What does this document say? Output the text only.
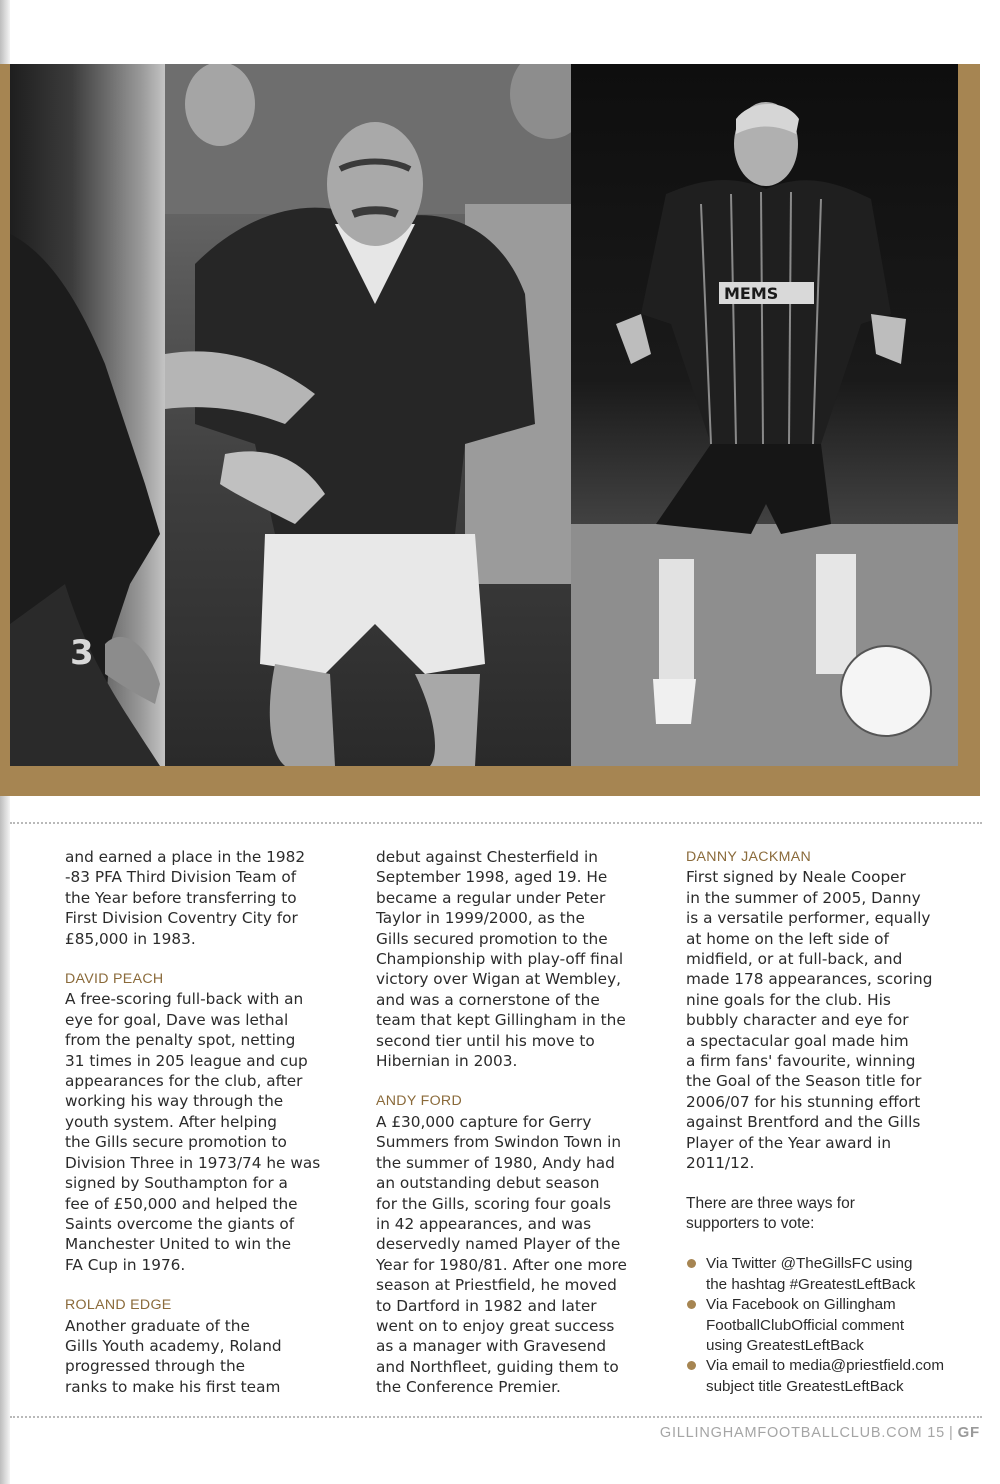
3
MEMS

and earned a place in the 1982
-83 PFA Third Division Team of
the Year before transferring to
First Division Coventry City for
£85,000 in 1983.

DAVID PEACH

A free-scoring full-back with an
eye for goal, Dave was lethal
from the penalty spot, netting
31 times in 205 league and cup
appearances for the club, after
working his way through the
youth system. After helping
the Gills secure promotion to
Division Three in 1973/74 he was
signed by Southampton for a
fee of £50,000 and helped the
Saints overcome the giants of
Manchester United to win the
FA Cup in 1976.

ROLAND EDGE

Another graduate of the
Gills Youth academy, Roland
progressed through the
ranks to make his first team

debut against Chesterfield in
September 1998, aged 19. He
became a regular under Peter
Taylor in 1999/2000, as the
Gills secured promotion to the
Championship with play-off final
victory over Wigan at Wembley,
and was a cornerstone of the
team that kept Gillingham in the
second tier until his move to
Hibernian in 2003.

ANDY FORD

A £30,000 capture for Gerry
Summers from Swindon Town in
the summer of 1980, Andy had
an outstanding debut season
for the Gills, scoring four goals
in 42 appearances, and was
deservedly named Player of the
Year for 1980/81. After one more
season at Priestfield, he moved
to Dartford in 1982 and later
went on to enjoy great success
as a manager with Gravesend
and Northfleet, guiding them to
the Conference Premier.

DANNY JACKMAN

First signed by Neale Cooper
in the summer of 2005, Danny
is a versatile performer, equally
at home on the left side of
midfield, or at full-back, and
made 178 appearances, scoring
nine goals for the club. His
bubbly character and eye for
a spectacular goal made him
a firm fans' favourite, winning
the Goal of the Season title for
2006/07 for his stunning effort
against Brentford and the Gills
Player of the Year award in
2011/12.

There are three ways for
supporters to vote:

Via Twitter @TheGillsFC using
the hashtag #GreatestLeftBack
Via Facebook on Gillingham
FootballClubOfficial comment
using GreatestLeftBack
Via email to media@priestfield.com
subject title GreatestLeftBack
GILLINGHAMFOOTBALLCLUB.COM 15 | GF
